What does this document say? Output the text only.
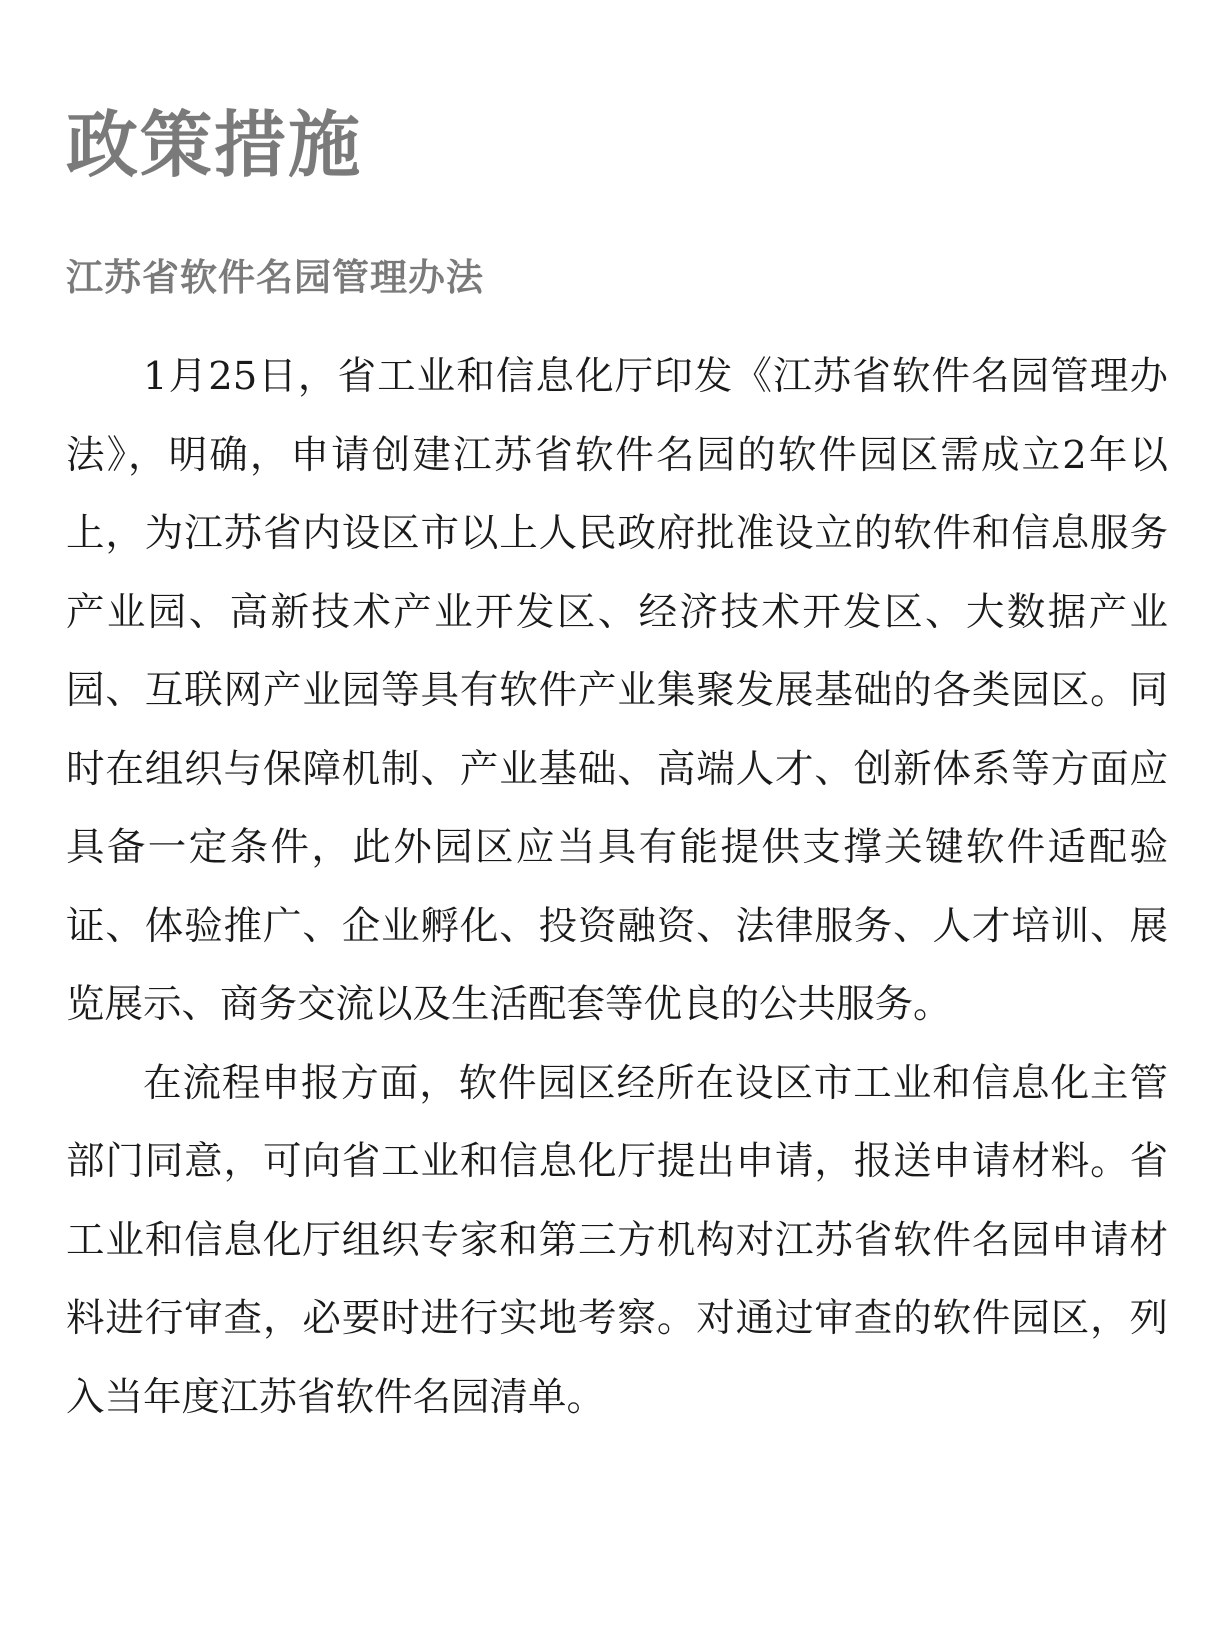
政策措施
江苏省软件名园管理办法

1月25日，省工业和信息化厅印发《江苏省软件名园管理办法》，明确，申请创建江苏省软件名园的软件园区需成立2年以上，为江苏省内设区市以上人民政府批准设立的软件和信息服务产业园、高新技术产业开发区、经济技术开发区、大数据产业园、互联网产业园等具有软件产业集聚发展基础的各类园区。同时在组织与保障机制、产业基础、高端人才、创新体系等方面应具备一定条件，此外园区应当具有能提供支撑关键软件适配验证、体验推广、企业孵化、投资融资、法律服务、人才培训、展览展示、商务交流以及生活配套等优良的公共服务。

在流程申报方面，软件园区经所在设区市工业和信息化主管部门同意，可向省工业和信息化厅提出申请，报送申请材料。省工业和信息化厅组织专家和第三方机构对江苏省软件名园申请材料进行审查，必要时进行实地考察。对通过审查的软件园区，列入当年度江苏省软件名园清单。
